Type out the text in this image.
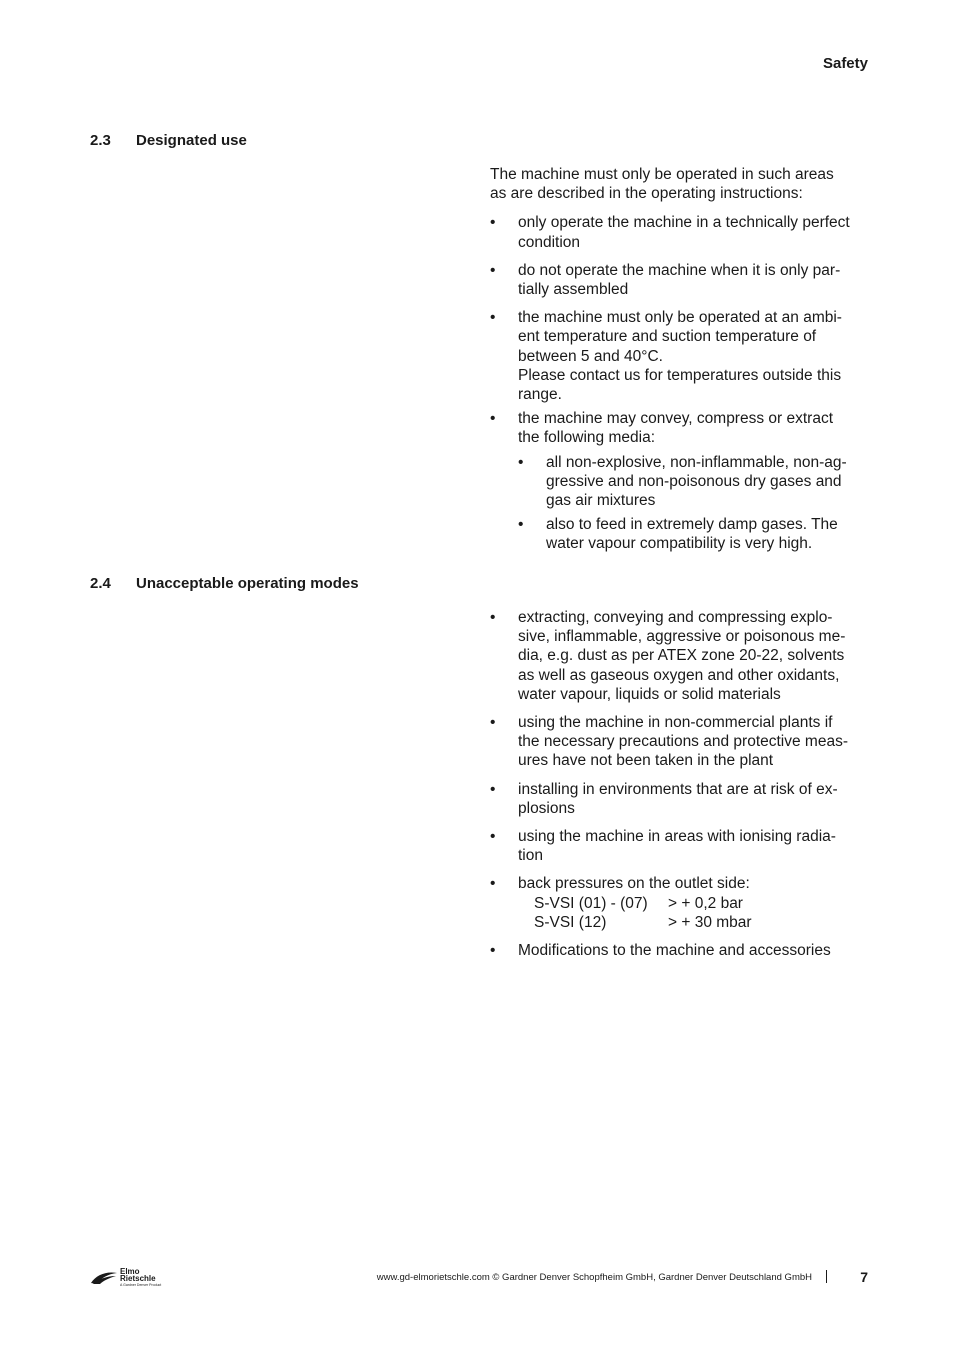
Safety
2.3 Designated use

The machine must only be operated in such areas
as are described in the operating instructions:

• only operate the machine in a technically perfect
condition
• do not operate the machine when it is only par-
tially assembled
• the machine must only be operated at an ambi-
ent temperature and suction temperature of
between 5 and 40°C.
Please contact us for temperatures outside this
range.
• the machine may convey, compress or extract
the following media:
• all non-explosive, non-inflammable, non-ag-
gressive and non-poisonous dry gases and
gas air mixtures
• also to feed in extremely damp gases. The
water vapour compatibility is very high.
2.4 Unacceptable operating modes
• extracting, conveying and compressing explo-
sive, inflammable, aggressive or poisonous me-
dia, e.g. dust as per ATEX zone 20-22, solvents
as well as gaseous oxygen and other oxidants,
water vapour, liquids or solid materials
• using the machine in non-commercial plants if
the necessary precautions and protective meas-
ures have not been taken in the plant
• installing in environments that are at risk of ex-
plosions
• using the machine in areas with ionising radia-
tion
• back pressures on the outlet side:
S-VSI (01) - (07)	> + 0,2 bar
S-VSI (12)	> + 30 mbar
• Modifications to the machine and accessories
Elmo
Rietschle
A Gardner Denver Product
www.gd-elmorietschle.com © Gardner Denver Schopfheim GmbH, Gardner Denver Deutschland GmbH	7
